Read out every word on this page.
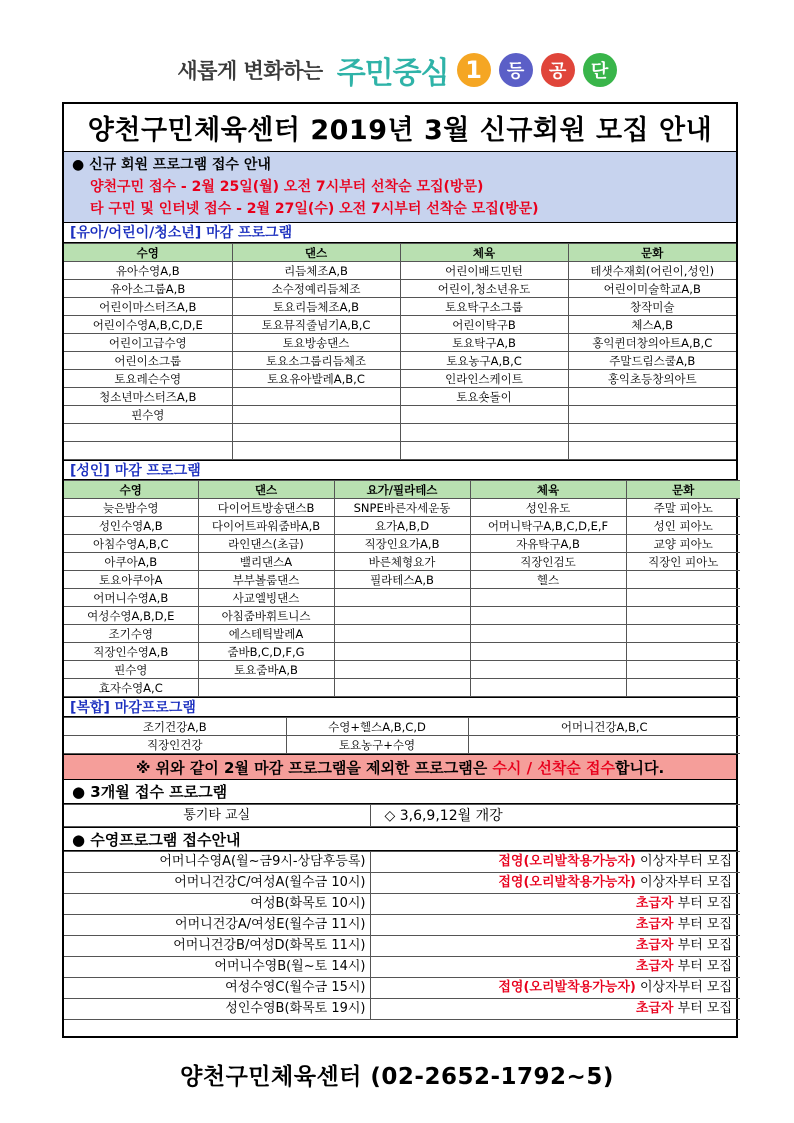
새롭게 변화하는 주민중심 1	등	공	단
양천구민체육센터 2019년 3월 신규회원 모집 안내
● 신규 회원 프로그램 접수 안내
양천구민 접수 - 2월 25일(월) 오전 7시부터 선착순 모집(방문)
타 구민 및 인터넷 접수 - 2월 27일(수) 오전 7시부터 선착순 모집(방문)
[유아/어린이/청소년] 마감 프로그램
수영	댄스	체육	문화
유아수영A,B	리듬체조A,B	어린이배드민턴	테샛수재회(어린이,성인)
유아소그룹A,B	소수정예리듬체조	어린이,청소년유도	어린이미술학교A,B
어린이마스터즈A,B	토요리듬체조A,B	토요탁구소그룹	창작미술
어린이수영A,B,C,D,E	토요뮤직줄넘기A,B,C	어린이탁구B	체스A,B
어린이고급수영	토요방송댄스	토요탁구A,B	홍익퀸더창의아트A,B,C
어린이소그룹	토요소그룹리듬체조	토요농구A,B,C	주말드림스쿨A,B
토요레슨수영	토요유아발레A,B,C	인라인스케이트	홍익초등창의아트
청소년마스터즈A,B		토요숏돌이	
핀수영			

[성인] 마감 프로그램
수영	댄스	요가/필라테스	체육	문화
늦은밤수영	다이어트방송댄스B	SNPE바른자세운동	성인유도	주말 피아노
성인수영A,B	다이어트파워줌바A,B	요가A,B,D	어머니탁구A,B,C,D,E,F	성인 피아노
아침수영A,B,C	라인댄스(초급)	직장인요가A,B	자유탁구A,B	교양 피아노
아쿠아A,B	밸리댄스A	바른체형요가	직장인검도	직장인 피아노
토요아쿠아A	부부볼룸댄스	필라테스A,B	헬스	
어머니수영A,B	사교엘빙댄스			
여성수영A,B,D,E	아침줌바휘트니스			
조기수영	에스테틱발레A			
직장인수영A,B	줌바B,C,D,F,G			
핀수영	토요줌바A,B			
효자수영A,C				
[복합] 마감프로그램
조기건강A,B	수영+헬스A,B,C,D	어머니건강A,B,C
직장인건강	토요농구+수영	
※ 위와 같이 2월 마감 프로그램을 제외한 프로그램은 수시 / 선착순 접수합니다.
● 3개월 접수 프로그램
통기타 교실	◇ 3,6,9,12월 개강
● 수영프로그램 접수안내
어머니수영A(월~금9시-상담후등록)	접영(오리발착용가능자) 이상자부터 모집
어머니건강C/여성A(월수금 10시)	접영(오리발착용가능자) 이상자부터 모집
여성B(화목토 10시)	초급자 부터 모집
어머니건강A/여성E(월수금 11시)	초급자 부터 모집
어머니건강B/여성D(화목토 11시)	초급자 부터 모집
어머니수영B(월~토 14시)	초급자 부터 모집
여성수영C(월수금 15시)	접영(오리발착용가능자) 이상자부터 모집
성인수영B(화목토 19시)	초급자 부터 모집
양천구민체육센터 (02-2652-1792~5)
